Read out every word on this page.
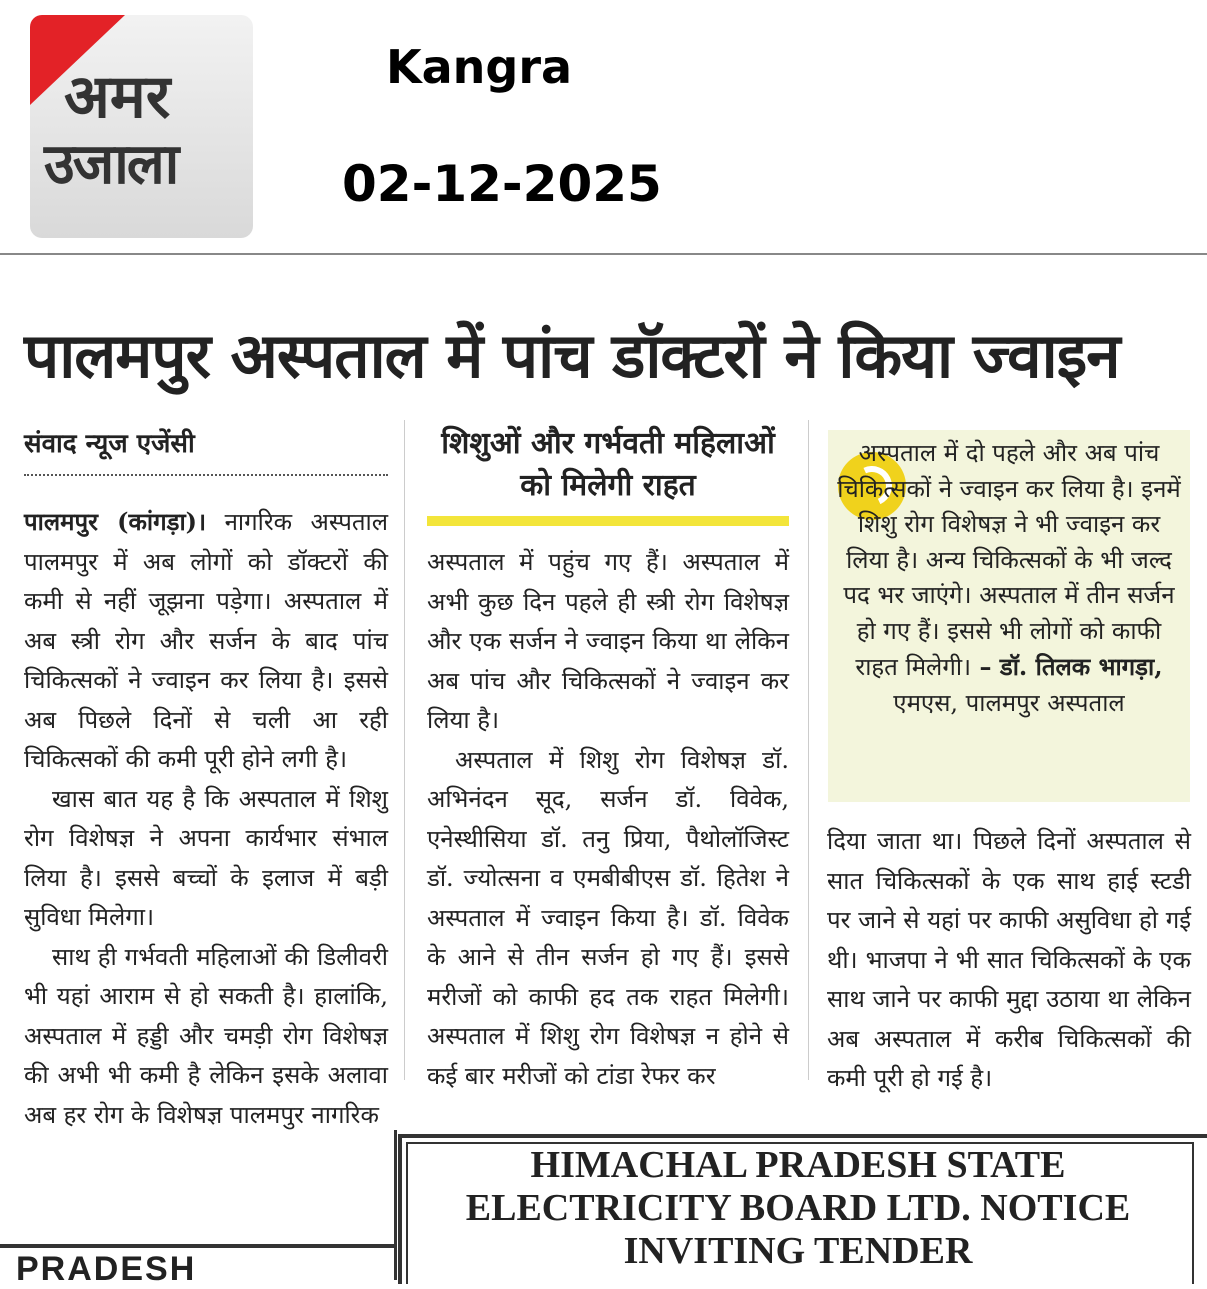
अमर
उजाला
Kangra
02-12-2025
पालमपुर अस्पताल में पांच डॉक्टरों ने किया ज्वाइन
संवाद न्यूज एजेंसी

पालमपुर (कांगड़ा)। नागरिक अस्पताल पालमपुर में अब लोगों को डॉक्टरों की कमी से नहीं जूझना पड़ेगा। अस्पताल में अब स्त्री रोग और सर्जन के बाद पांच चिकित्सकों ने ज्वाइन कर लिया है। इससे अब पिछले दिनों से चली आ रही चिकित्सकों की कमी पूरी होने लगी है।

खास बात यह है कि अस्पताल में शिशु रोग विशेषज्ञ ने अपना कार्यभार संभाल लिया है। इससे बच्चों के इलाज में बड़ी सुविधा मिलेगा।

साथ ही गर्भवती महिलाओं की डिलीवरी भी यहां आराम से हो सकती है। हालांकि, अस्पताल में हड्डी और चमड़ी रोग विशेषज्ञ की अभी भी कमी है लेकिन इसके अलावा अब हर रोग के विशेषज्ञ पालमपुर नागरिक

शिशुओं और गर्भवती महिलाओं को मिलेगी राहत

अस्पताल में पहुंच गए हैं। अस्पताल में अभी कुछ दिन पहले ही स्त्री रोग विशेषज्ञ और एक सर्जन ने ज्वाइन किया था लेकिन अब पांच और चिकित्सकों ने ज्वाइन कर लिया है।

अस्पताल में शिशु रोग विशेषज्ञ डॉ. अभिनंदन सूद, सर्जन डॉ. विवेक, एनेस्थीसिया डॉ. तनु प्रिया, पैथोलॉजिस्ट डॉ. ज्योत्सना व एमबीबीएस डॉ. हितेश ने अस्पताल में ज्वाइन किया है। डॉ. विवेक के आने से तीन सर्जन हो गए हैं। इससे मरीजों को काफी हद तक राहत मिलेगी। अस्पताल में शिशु रोग विशेषज्ञ न होने से कई बार मरीजों को टांडा रेफर कर

अस्पताल में दो पहले और अब पांच चिकित्सकों ने ज्वाइन कर लिया है। इनमें शिशु रोग विशेषज्ञ ने भी ज्वाइन कर लिया है। अन्य चिकित्सकों के भी जल्द पद भर जाएंगे। अस्पताल में तीन सर्जन हो गए हैं। इससे भी लोगों को काफी राहत मिलेगी। – डॉ. तिलक भागड़ा, एमएस, पालमपुर अस्पताल

दिया जाता था। पिछले दिनों अस्पताल से सात चिकित्सकों के एक साथ हाई स्टडी पर जाने से यहां पर काफी असुविधा हो गई थी। भाजपा ने भी सात चिकित्सकों के एक साथ जाने पर काफी मुद्दा उठाया था लेकिन अब अस्पताल में करीब चिकित्सकों की कमी पूरी हो गई है।

HIMACHAL PRADESH STATE ELECTRICITY BOARD LTD. NOTICE INVITING TENDER
PRADESH
